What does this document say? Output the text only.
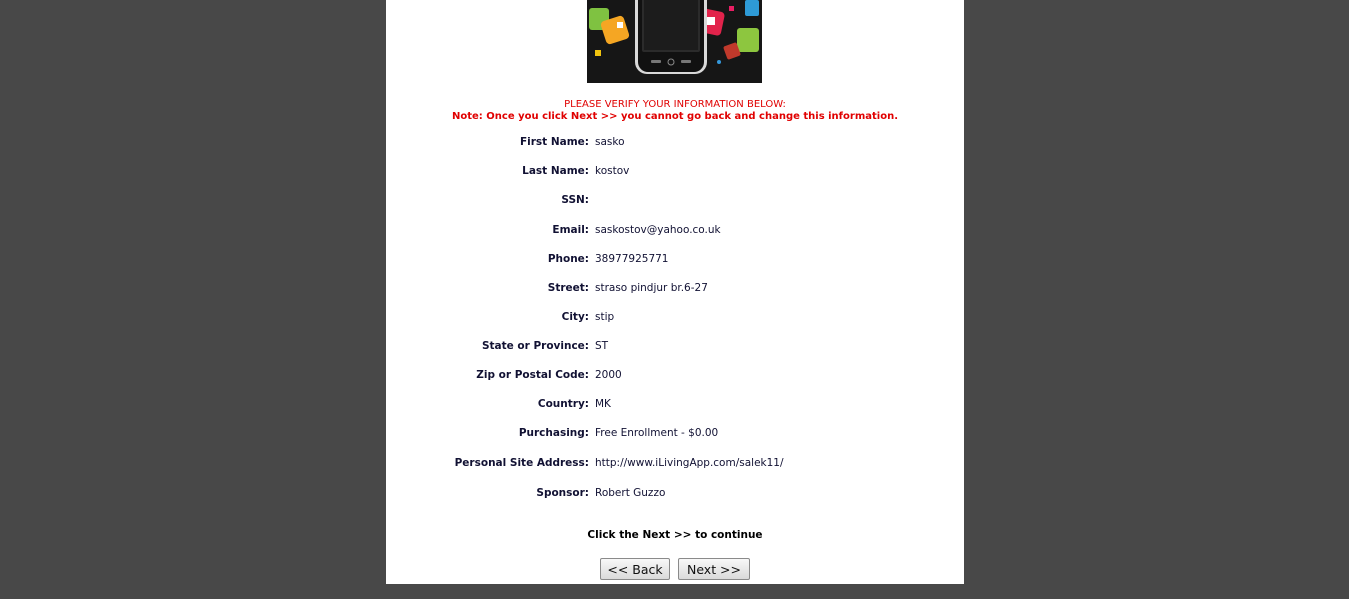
PLEASE VERIFY YOUR INFORMATION BELOW:
Note: Once you click Next >> you cannot go back and change this information.
First Name: sasko
Last Name: kostov
SSN:
Email: saskostov@yahoo.co.uk
Phone: 38977925771
Street: straso pindjur br.6-27
City: stip
State or Province: ST
Zip or Postal Code: 2000
Country: MK
Purchasing: Free Enrollment - $0.00
Personal Site Address: http://www.iLivingApp.com/salek11/
Sponsor: Robert Guzzo
Click the Next >> to continue
<< Back	Next >>
